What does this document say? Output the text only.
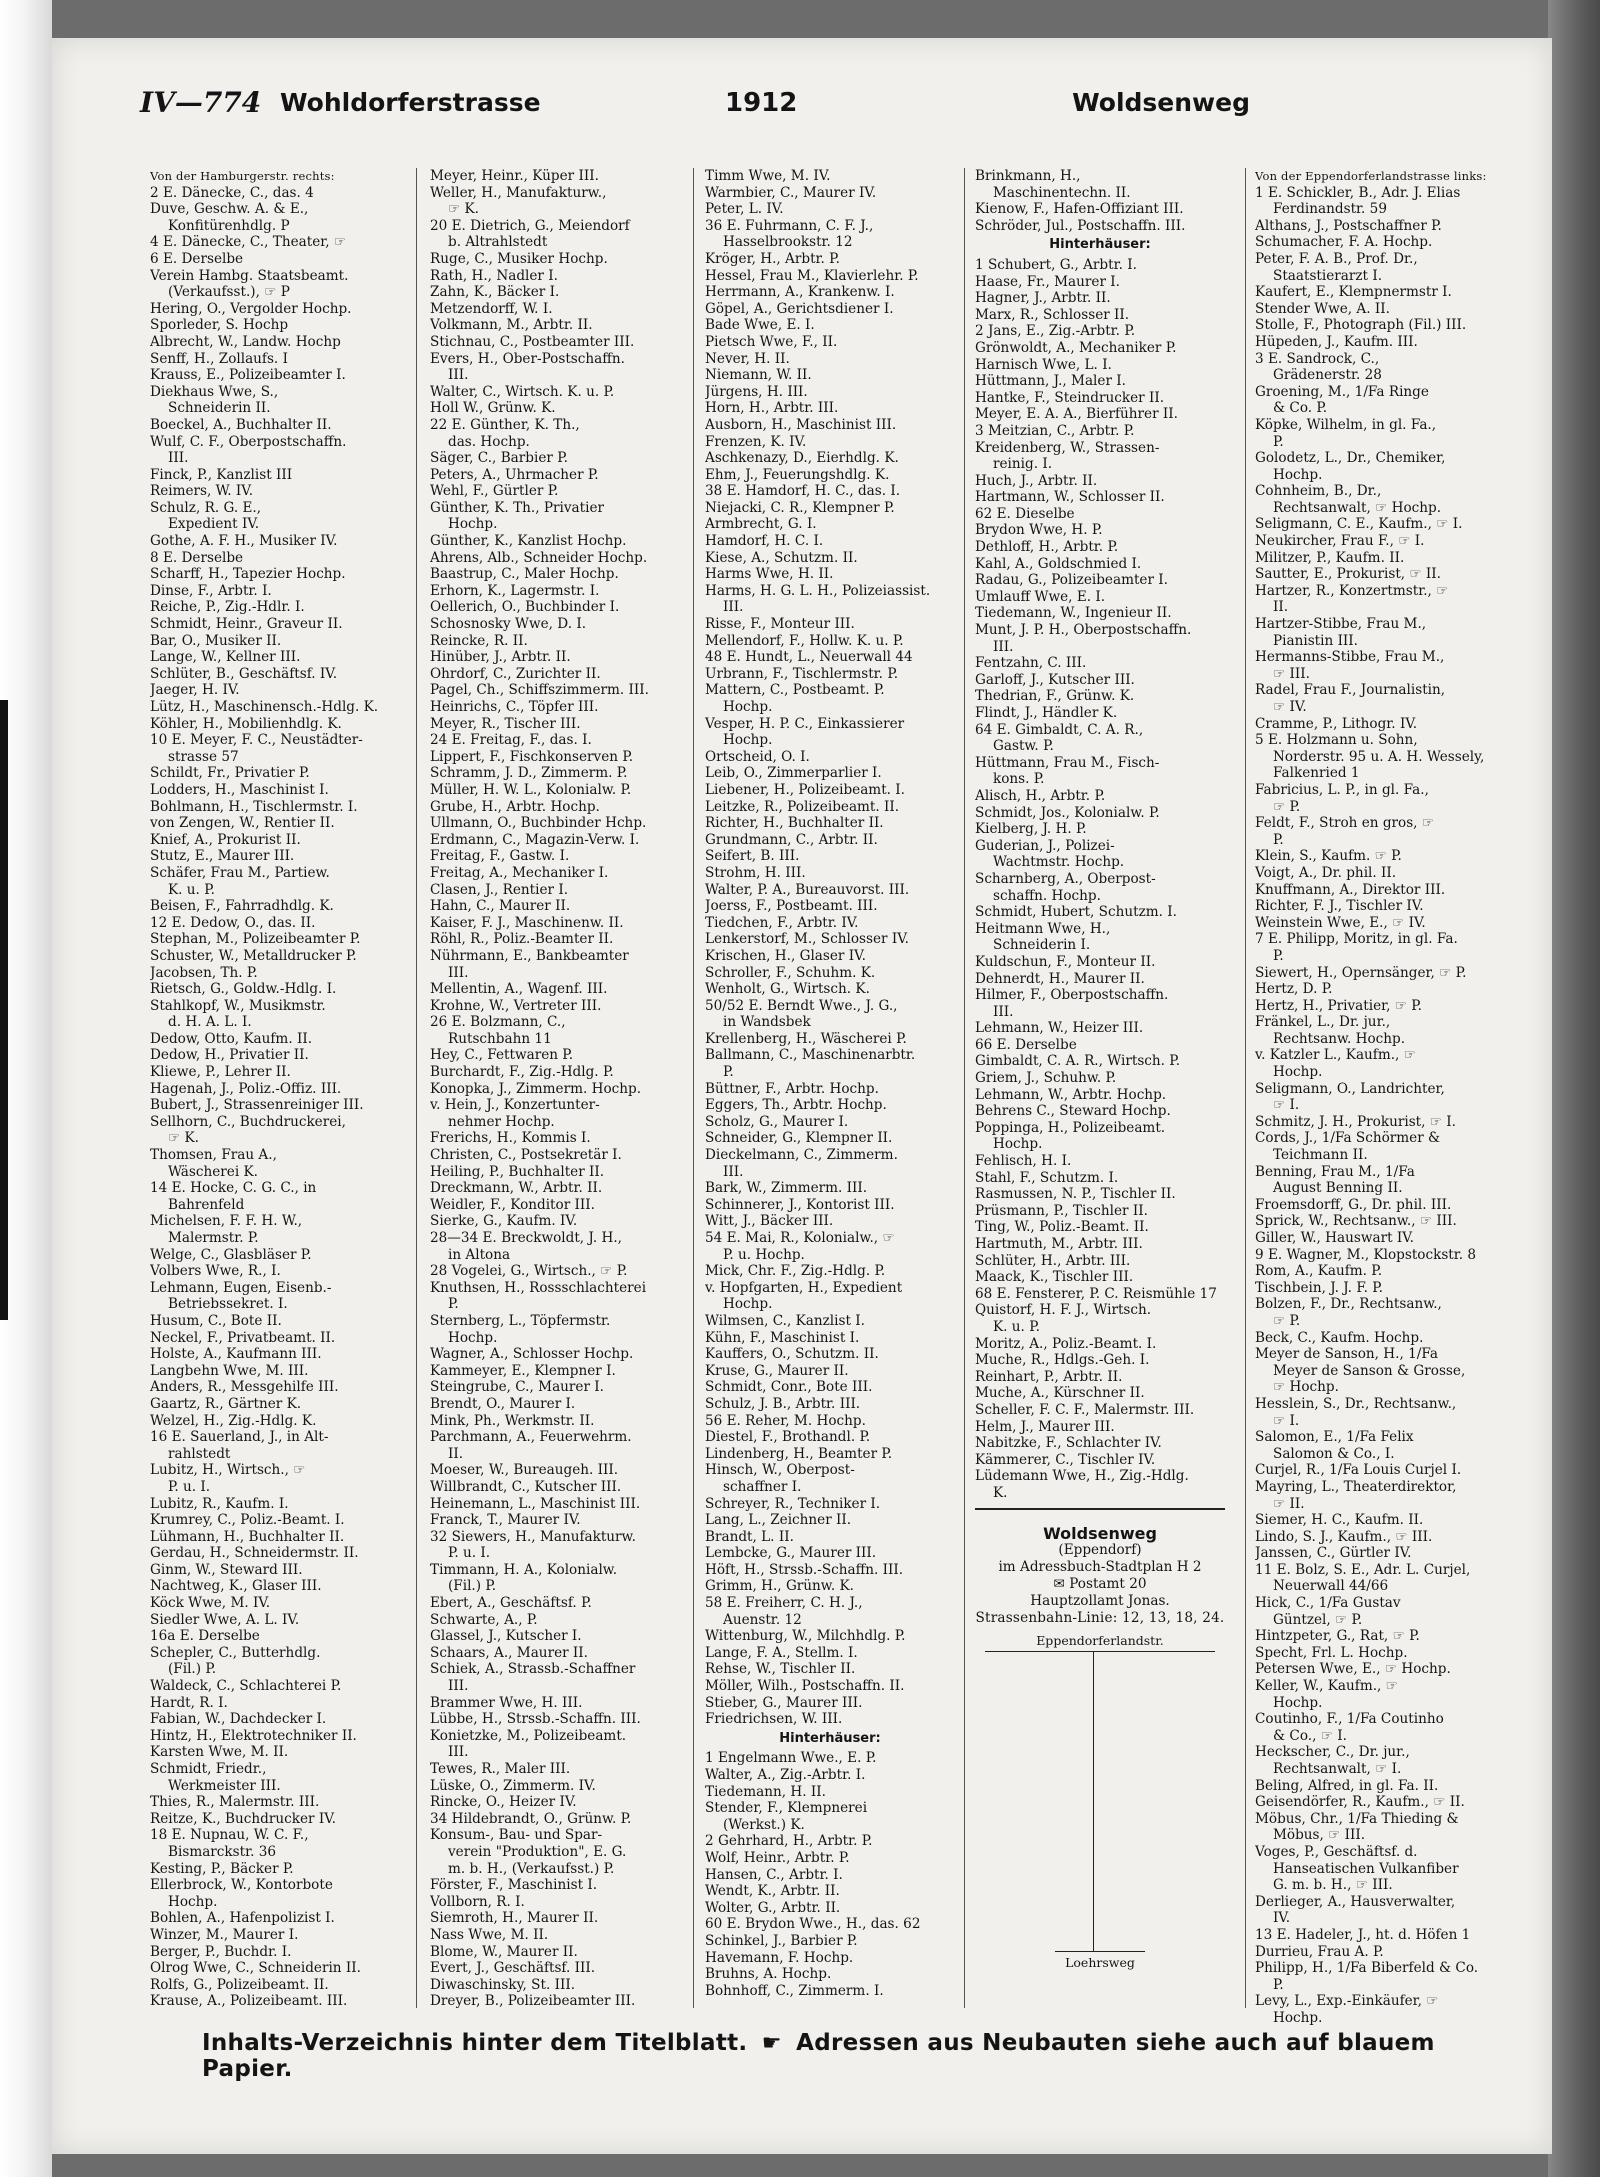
IV—774 Wohldorferstrasse	1912	Woldsenweg
Von der Hamburgerstr. rechts:
2 E. Dänecke, C., das. 4
Duve, Geschw. A. & E.,
Konfitürenhdlg. P
4 E. Dänecke, C., Theater, ☞
6 E. Derselbe
Verein Hambg. Staatsbeamt.
(Verkaufsst.), ☞ P
Hering, O., Vergolder Hochp.
Sporleder, S. Hochp
Albrecht, W., Landw. Hochp
Senff, H., Zollaufs. I
Krauss, E., Polizeibeamter I.
Diekhaus Wwe, S.,
Schneiderin II.
Boeckel, A., Buchhalter II.
Wulf, C. F., Oberpostschaffn.
III.
Finck, P., Kanzlist III
Reimers, W. IV.
Schulz, R. G. E.,
Expedient IV.
Gothe, A. F. H., Musiker IV.
8 E. Derselbe
Scharff, H., Tapezier Hochp.
Dinse, F., Arbtr. I.
Reiche, P., Zig.-Hdlr. I.
Schmidt, Heinr., Graveur II.
Bar, O., Musiker II.
Lange, W., Kellner III.
Schlüter, B., Geschäftsf. IV.
Jaeger, H. IV.
Lütz, H., Maschinensch.-Hdlg. K.
Köhler, H., Mobilienhdlg. K.
10 E. Meyer, F. C., Neustädter-
strasse 57
Schildt, Fr., Privatier P.
Lodders, H., Maschinist I.
Bohlmann, H., Tischlermstr. I.
von Zengen, W., Rentier II.
Knief, A., Prokurist II.
Stutz, E., Maurer III.
Schäfer, Frau M., Partiew.
K. u. P.
Beisen, F., Fahrradhdlg. K.
12 E. Dedow, O., das. II.
Stephan, M., Polizeibeamter P.
Schuster, W., Metalldrucker P.
Jacobsen, Th. P.
Rietsch, G., Goldw.-Hdlg. I.
Stahlkopf, W., Musikmstr.
d. H. A. L. I.
Dedow, Otto, Kaufm. II.
Dedow, H., Privatier II.
Kliewe, P., Lehrer II.
Hagenah, J., Poliz.-Offiz. III.
Bubert, J., Strassenreiniger III.
Sellhorn, C., Buchdruckerei,
☞ K.
Thomsen, Frau A.,
Wäscherei K.
14 E. Hocke, C. G. C., in
Bahrenfeld
Michelsen, F. F. H. W.,
Malermstr. P.
Welge, C., Glasbläser P.
Volbers Wwe, R., I.
Lehmann, Eugen, Eisenb.-
Betriebssekret. I.
Husum, C., Bote II.
Neckel, F., Privatbeamt. II.
Holste, A., Kaufmann III.
Langbehn Wwe, M. III.
Anders, R., Messgehilfe III.
Gaartz, R., Gärtner K.
Welzel, H., Zig.-Hdlg. K.
16 E. Sauerland, J., in Alt-
rahlstedt
Lubitz, H., Wirtsch., ☞
P. u. I.
Lubitz, R., Kaufm. I.
Krumrey, C., Poliz.-Beamt. I.
Lühmann, H., Buchhalter II.
Gerdau, H., Schneidermstr. II.
Ginm, W., Steward III.
Nachtweg, K., Glaser III.
Köck Wwe, M. IV.
Siedler Wwe, A. L. IV.
16a E. Derselbe
Schepler, C., Butterhdlg.
(Fil.) P.
Waldeck, C., Schlachterei P.
Hardt, R. I.
Fabian, W., Dachdecker I.
Hintz, H., Elektrotechniker II.
Karsten Wwe, M. II.
Schmidt, Friedr.,
Werkmeister III.
Thies, R., Malermstr. III.
Reitze, K., Buchdrucker IV.
18 E. Nupnau, W. C. F.,
Bismarckstr. 36
Kesting, P., Bäcker P.
Ellerbrock, W., Kontorbote
Hochp.
Bohlen, A., Hafenpolizist I.
Winzer, M., Maurer I.
Berger, P., Buchdr. I.
Olrog Wwe, C., Schneiderin II.
Rolfs, G., Polizeibeamt. II.
Krause, A., Polizeibeamt. III.
Meyer, Heinr., Küper III.
Weller, H., Manufakturw.,
☞ K.
20 E. Dietrich, G., Meiendorf
b. Altrahlstedt
Ruge, C., Musiker Hochp.
Rath, H., Nadler I.
Zahn, K., Bäcker I.
Metzendorff, W. I.
Volkmann, M., Arbtr. II.
Stichnau, C., Postbeamter III.
Evers, H., Ober-Postschaffn.
III.
Walter, C., Wirtsch. K. u. P.
Holl W., Grünw. K.
22 E. Günther, K. Th.,
das. Hochp.
Säger, C., Barbier P.
Peters, A., Uhrmacher P.
Wehl, F., Gürtler P.
Günther, K. Th., Privatier
Hochp.
Günther, K., Kanzlist Hochp.
Ahrens, Alb., Schneider Hochp.
Baastrup, C., Maler Hochp.
Erhorn, K., Lagermstr. I.
Oellerich, O., Buchbinder I.
Schosnosky Wwe, D. I.
Reincke, R. II.
Hinüber, J., Arbtr. II.
Ohrdorf, C., Zurichter II.
Pagel, Ch., Schiffszimmerm. III.
Heinrichs, C., Töpfer III.
Meyer, R., Tischer III.
24 E. Freitag, F., das. I.
Lippert, F., Fischkonserven P.
Schramm, J. D., Zimmerm. P.
Müller, H. W. L., Kolonialw. P.
Grube, H., Arbtr. Hochp.
Ullmann, O., Buchbinder Hchp.
Erdmann, C., Magazin-Verw. I.
Freitag, F., Gastw. I.
Freitag, A., Mechaniker I.
Clasen, J., Rentier I.
Hahn, C., Maurer II.
Kaiser, F. J., Maschinenw. II.
Röhl, R., Poliz.-Beamter II.
Nührmann, E., Bankbeamter
III.
Mellentin, A., Wagenf. III.
Krohne, W., Vertreter III.
26 E. Bolzmann, C.,
Rutschbahn 11
Hey, C., Fettwaren P.
Burchardt, F., Zig.-Hdlg. P.
Konopka, J., Zimmerm. Hochp.
v. Hein, J., Konzertunter-
nehmer Hochp.
Frerichs, H., Kommis I.
Christen, C., Postsekretär I.
Heiling, P., Buchhalter II.
Dreckmann, W., Arbtr. II.
Weidler, F., Konditor III.
Sierke, G., Kaufm. IV.
28—34 E. Breckwoldt, J. H.,
in Altona
28 Vogelei, G., Wirtsch., ☞ P.
Knuthsen, H., Rossschlachterei
P.
Sternberg, L., Töpfermstr.
Hochp.
Wagner, A., Schlosser Hochp.
Kammeyer, E., Klempner I.
Steingrube, C., Maurer I.
Brendt, O., Maurer I.
Mink, Ph., Werkmstr. II.
Parchmann, A., Feuerwehrm.
II.
Moeser, W., Bureaugeh. III.
Willbrandt, C., Kutscher III.
Heinemann, L., Maschinist III.
Franck, T., Maurer IV.
32 Siewers, H., Manufakturw.
P. u. I.
Timmann, H. A., Kolonialw.
(Fil.) P.
Ebert, A., Geschäftsf. P.
Schwarte, A., P.
Glassel, J., Kutscher I.
Schaars, A., Maurer II.
Schiek, A., Strassb.-Schaffner
III.
Brammer Wwe, H. III.
Lübbe, H., Strssb.-Schaffn. III.
Konietzke, M., Polizeibeamt.
III.
Tewes, R., Maler III.
Lüske, O., Zimmerm. IV.
Rincke, O., Heizer IV.
34 Hildebrandt, O., Grünw. P.
Konsum-, Bau- und Spar-
verein "Produktion", E. G.
m. b. H., (Verkaufsst.) P.
Förster, F., Maschinist I.
Vollborn, R. I.
Siemroth, H., Maurer II.
Nass Wwe, M. II.
Blome, W., Maurer II.
Evert, J., Geschäftsf. III.
Diwaschinsky, St. III.
Dreyer, B., Polizeibeamter III.
Timm Wwe, M. IV.
Warmbier, C., Maurer IV.
Peter, L. IV.
36 E. Fuhrmann, C. F. J.,
Hasselbrookstr. 12
Kröger, H., Arbtr. P.
Hessel, Frau M., Klavierlehr. P.
Herrmann, A., Krankenw. I.
Göpel, A., Gerichtsdiener I.
Bade Wwe, E. I.
Pietsch Wwe, F., II.
Never, H. II.
Niemann, W. II.
Jürgens, H. III.
Horn, H., Arbtr. III.
Ausborn, H., Maschinist III.
Frenzen, K. IV.
Aschkenazy, D., Eierhdlg. K.
Ehm, J., Feuerungshdlg. K.
38 E. Hamdorf, H. C., das. I.
Niejacki, C. R., Klempner P.
Armbrecht, G. I.
Hamdorf, H. C. I.
Kiese, A., Schutzm. II.
Harms Wwe, H. II.
Harms, H. G. L. H., Polizeiassist.
III.
Risse, F., Monteur III.
Mellendorf, F., Hollw. K. u. P.
48 E. Hundt, L., Neuerwall 44
Urbrann, F., Tischlermstr. P.
Mattern, C., Postbeamt. P.
Hochp.
Vesper, H. P. C., Einkassierer
Hochp.
Ortscheid, O. I.
Leib, O., Zimmerparlier I.
Liebener, H., Polizeibeamt. I.
Leitzke, R., Polizeibeamt. II.
Richter, H., Buchhalter II.
Grundmann, C., Arbtr. II.
Seifert, B. III.
Strohm, H. III.
Walter, P. A., Bureauvorst. III.
Joerss, F., Postbeamt. III.
Tiedchen, F., Arbtr. IV.
Lenkerstorf, M., Schlosser IV.
Krischen, H., Glaser IV.
Schroller, F., Schuhm. K.
Wenholt, G., Wirtsch. K.
50/52 E. Berndt Wwe., J. G.,
in Wandsbek
Krellenberg, H., Wäscherei P.
Ballmann, C., Maschinenarbtr.
P.
Büttner, F., Arbtr. Hochp.
Eggers, Th., Arbtr. Hochp.
Scholz, G., Maurer I.
Schneider, G., Klempner II.
Dieckelmann, C., Zimmerm.
III.
Bark, W., Zimmerm. III.
Schinnerer, J., Kontorist III.
Witt, J., Bäcker III.
54 E. Mai, R., Kolonialw., ☞
P. u. Hochp.
Mick, Chr. F., Zig.-Hdlg. P.
v. Hopfgarten, H., Expedient
Hochp.
Wilmsen, C., Kanzlist I.
Kühn, F., Maschinist I.
Kauffers, O., Schutzm. II.
Kruse, G., Maurer II.
Schmidt, Conr., Bote III.
Schulz, J. B., Arbtr. III.
56 E. Reher, M. Hochp.
Diestel, F., Brothandl. P.
Lindenberg, H., Beamter P.
Hinsch, W., Oberpost-
schaffner I.
Schreyer, R., Techniker I.
Lang, L., Zeichner II.
Brandt, L. II.
Lembcke, G., Maurer III.
Höft, H., Strssb.-Schaffn. III.
Grimm, H., Grünw. K.
58 E. Freiherr, C. H. J.,
Auenstr. 12
Wittenburg, W., Milchhdlg. P.
Lange, F. A., Stellm. I.
Rehse, W., Tischler II.
Möller, Wilh., Postschaffn. II.
Stieber, G., Maurer III.
Friedrichsen, W. III.
Hinterhäuser:
1 Engelmann Wwe., E. P.
Walter, A., Zig.-Arbtr. I.
Tiedemann, H. II.
Stender, F., Klempnerei
(Werkst.) K.
2 Gehrhard, H., Arbtr. P.
Wolf, Heinr., Arbtr. P.
Hansen, C., Arbtr. I.
Wendt, K., Arbtr. II.
Wolter, G., Arbtr. II.
60 E. Brydon Wwe., H., das. 62
Schinkel, J., Barbier P.
Havemann, F. Hochp.
Bruhns, A. Hochp.
Bohnhoff, C., Zimmerm. I.
Brinkmann, H.,
Maschinentechn. II.
Kienow, F., Hafen-Offiziant III.
Schröder, Jul., Postschaffn. III.
Hinterhäuser:
1 Schubert, G., Arbtr. I.
Haase, Fr., Maurer I.
Hagner, J., Arbtr. II.
Marx, R., Schlosser II.
2 Jans, E., Zig.-Arbtr. P.
Grönwoldt, A., Mechaniker P.
Harnisch Wwe, L. I.
Hüttmann, J., Maler I.
Hantke, F., Steindrucker II.
Meyer, E. A. A., Bierführer II.
3 Meitzian, C., Arbtr. P.
Kreidenberg, W., Strassen-
reinig. I.
Huch, J., Arbtr. II.
Hartmann, W., Schlosser II.
62 E. Dieselbe
Brydon Wwe, H. P.
Dethloff, H., Arbtr. P.
Kahl, A., Goldschmied I.
Radau, G., Polizeibeamter I.
Umlauff Wwe, E. I.
Tiedemann, W., Ingenieur II.
Munt, J. P. H., Oberpostschaffn.
III.
Fentzahn, C. III.
Garloff, J., Kutscher III.
Thedrian, F., Grünw. K.
Flindt, J., Händler K.
64 E. Gimbaldt, C. A. R.,
Gastw. P.
Hüttmann, Frau M., Fisch-
kons. P.
Alisch, H., Arbtr. P.
Schmidt, Jos., Kolonialw. P.
Kielberg, J. H. P.
Guderian, J., Polizei-
Wachtmstr. Hochp.
Scharnberg, A., Oberpost-
schaffn. Hochp.
Schmidt, Hubert, Schutzm. I.
Heitmann Wwe, H.,
Schneiderin I.
Kuldschun, F., Monteur II.
Dehnerdt, H., Maurer II.
Hilmer, F., Oberpostschaffn.
III.
Lehmann, W., Heizer III.
66 E. Derselbe
Gimbaldt, C. A. R., Wirtsch. P.
Griem, J., Schuhw. P.
Lehmann, W., Arbtr. Hochp.
Behrens C., Steward Hochp.
Poppinga, H., Polizeibeamt.
Hochp.
Fehlisch, H. I.
Stahl, F., Schutzm. I.
Rasmussen, N. P., Tischler II.
Prüsmann, P., Tischler II.
Ting, W., Poliz.-Beamt. II.
Hartmuth, M., Arbtr. III.
Schlüter, H., Arbtr. III.
Maack, K., Tischler III.
68 E. Fensterer, P. C. Reismühle 17
Quistorf, H. F. J., Wirtsch.
K. u. P.
Moritz, A., Poliz.-Beamt. I.
Muche, R., Hdlgs.-Geh. I.
Reinhart, P., Arbtr. II.
Muche, A., Kürschner II.
Scheller, F. C. F., Malermstr. III.
Helm, J., Maurer III.
Nabitzke, F., Schlachter IV.
Kämmerer, C., Tischler IV.
Lüdemann Wwe, H., Zig.-Hdlg.
K.
Woldsenweg
(Eppendorf)
im Adressbuch-Stadtplan H 2
✉ Postamt 20
Hauptzollamt Jonas.
Strassenbahn-Linie: 12, 13, 18, 24.
Eppendorferlandstr.
Loehrsweg
Von der Eppendorferlandstrasse links:
1 E. Schickler, B., Adr. J. Elias
Ferdinandstr. 59
Althans, J., Postschaffner P.
Schumacher, F. A. Hochp.
Peter, F. A. B., Prof. Dr.,
Staatstierarzt I.
Kaufert, E., Klempnermstr I.
Stender Wwe, A. II.
Stolle, F., Photograph (Fil.) III.
Hüpeden, J., Kaufm. III.
3 E. Sandrock, C.,
Grädenerstr. 28
Groening, M., 1/Fa Ringe
& Co. P.
Köpke, Wilhelm, in gl. Fa.,
P.
Golodetz, L., Dr., Chemiker,
Hochp.
Cohnheim, B., Dr.,
Rechtsanwalt, ☞ Hochp.
Seligmann, C. E., Kaufm., ☞ I.
Neukircher, Frau F., ☞ I.
Militzer, P., Kaufm. II.
Sautter, E., Prokurist, ☞ II.
Hartzer, R., Konzertmstr., ☞
II.
Hartzer-Stibbe, Frau M.,
Pianistin III.
Hermanns-Stibbe, Frau M.,
☞ III.
Radel, Frau F., Journalistin,
☞ IV.
Cramme, P., Lithogr. IV.
5 E. Holzmann u. Sohn,
Norderstr. 95 u. A. H. Wessely,
Falkenried 1
Fabricius, L. P., in gl. Fa.,
☞ P.
Feldt, F., Stroh en gros, ☞
P.
Klein, S., Kaufm. ☞ P.
Voigt, A., Dr. phil. II.
Knuffmann, A., Direktor III.
Richter, F. J., Tischler IV.
Weinstein Wwe, E., ☞ IV.
7 E. Philipp, Moritz, in gl. Fa.
P.
Siewert, H., Opernsänger, ☞ P.
Hertz, D. P.
Hertz, H., Privatier, ☞ P.
Fränkel, L., Dr. jur.,
Rechtsanw. Hochp.
v. Katzler L., Kaufm., ☞
Hochp.
Seligmann, O., Landrichter,
☞ I.
Schmitz, J. H., Prokurist, ☞ I.
Cords, J., 1/Fa Schörmer &
Teichmann II.
Benning, Frau M., 1/Fa
August Benning II.
Froemsdorff, G., Dr. phil. III.
Sprick, W., Rechtsanw., ☞ III.
Giller, W., Hauswart IV.
9 E. Wagner, M., Klopstockstr. 8
Rom, A., Kaufm. P.
Tischbein, J. J. F. P.
Bolzen, F., Dr., Rechtsanw.,
☞ P.
Beck, C., Kaufm. Hochp.
Meyer de Sanson, H., 1/Fa
Meyer de Sanson & Grosse,
☞ Hochp.
Hesslein, S., Dr., Rechtsanw.,
☞ I.
Salomon, E., 1/Fa Felix
Salomon & Co., I.
Curjel, R., 1/Fa Louis Curjel I.
Mayring, L., Theaterdirektor,
☞ II.
Siemer, H. C., Kaufm. II.
Lindo, S. J., Kaufm., ☞ III.
Janssen, C., Gürtler IV.
11 E. Bolz, S. E., Adr. L. Curjel,
Neuerwall 44/66
Hick, C., 1/Fa Gustav
Güntzel, ☞ P.
Hintzpeter, G., Rat, ☞ P.
Specht, Frl. L. Hochp.
Petersen Wwe, E., ☞ Hochp.
Keller, W., Kaufm., ☞
Hochp.
Coutinho, F., 1/Fa Coutinho
& Co., ☞ I.
Heckscher, C., Dr. jur.,
Rechtsanwalt, ☞ I.
Beling, Alfred, in gl. Fa. II.
Geisendörfer, R., Kaufm., ☞ II.
Möbus, Chr., 1/Fa Thieding &
Möbus, ☞ III.
Voges, P., Geschäftsf. d.
Hanseatischen Vulkanfiber
G. m. b. H., ☞ III.
Derlieger, A., Hausverwalter,
IV.
13 E. Hadeler, J., ht. d. Höfen 1
Durrieu, Frau A. P.
Philipp, H., 1/Fa Biberfeld & Co.
P.
Levy, L., Exp.-Einkäufer, ☞
Hochp.
Inhalts-Verzeichnis hinter dem Titelblatt. ☛ Adressen aus Neubauten siehe auch auf blauem Papier.
